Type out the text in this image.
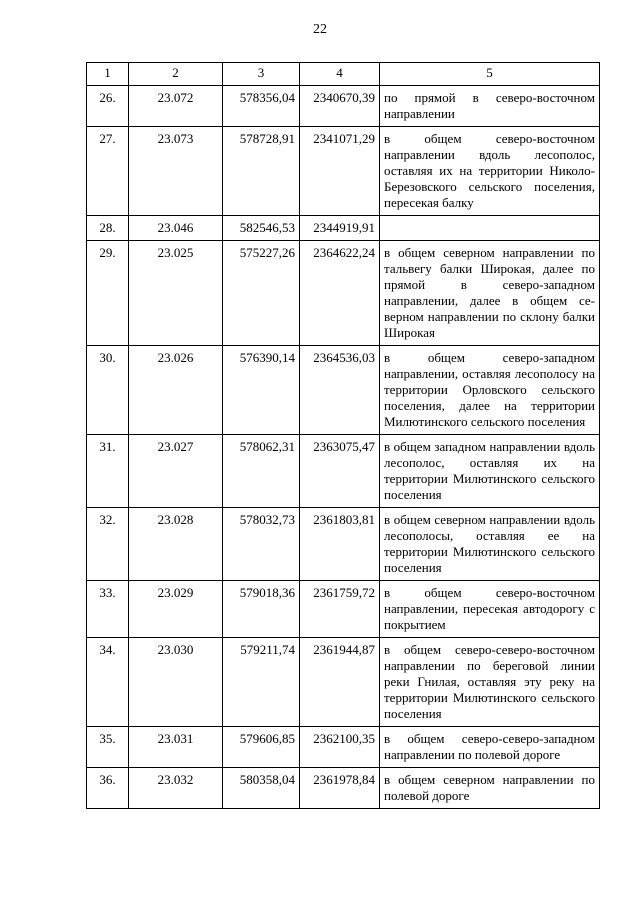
22
1	2	3	4	5
26.	23.072	578356,04	2340670,39	по прямой в северо-восточном направлении
27.	23.073	578728,91	2341071,29	в общем северо-восточном направлении вдоль лесополос, оставляя их на территории Николо-Березовского сельского поселения, пересекая балку
28.	23.046	582546,53	2344919,91	
29.	23.025	575227,26	2364622,24	в общем северном направлении по тальвегу балки Широкая, далее по прямой в северо-западном направлении, далее в общем северном направлении по склону балки Широкая
30.	23.026	576390,14	2364536,03	в общем северо-западном направлении, оставляя лесополосу на территории Орловского сельского поселения, далее на территории Милютинского сельского поселения
31.	23.027	578062,31	2363075,47	в общем западном направлении вдоль лесополос, оставляя их на территории Милютинского сельского поселения
32.	23.028	578032,73	2361803,81	в общем северном направлении вдоль лесополосы, оставляя ее на территории Милютинского сельского поселения
33.	23.029	579018,36	2361759,72	в общем северо-восточном направлении, пересекая автодорогу с покрытием
34.	23.030	579211,74	2361944,87	в общем северо-северо-восточном направлении по береговой линии реки Гнилая, оставляя эту реку на территории Милютинского сельского поселения
35.	23.031	579606,85	2362100,35	в общем северо-северо-западном направлении по полевой дороге
36.	23.032	580358,04	2361978,84	в общем северном направлении по полевой дороге
